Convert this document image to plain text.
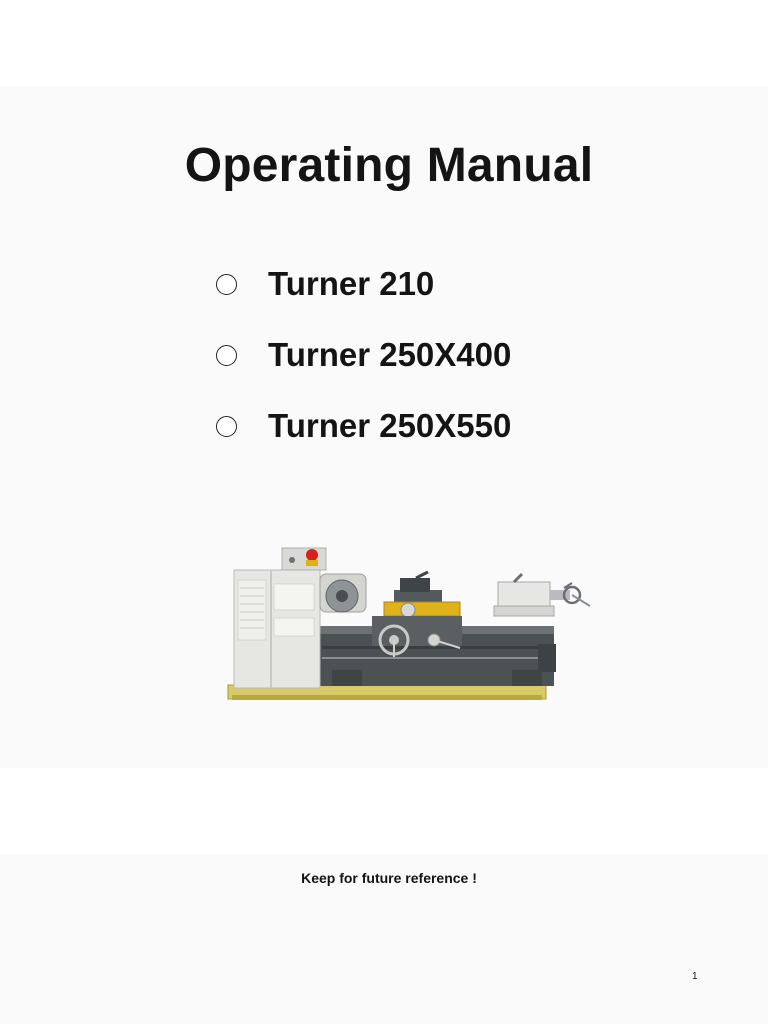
Operating Manual
Turner 210
Turner 250X400
Turner 250X550
Keep for future reference !
1
